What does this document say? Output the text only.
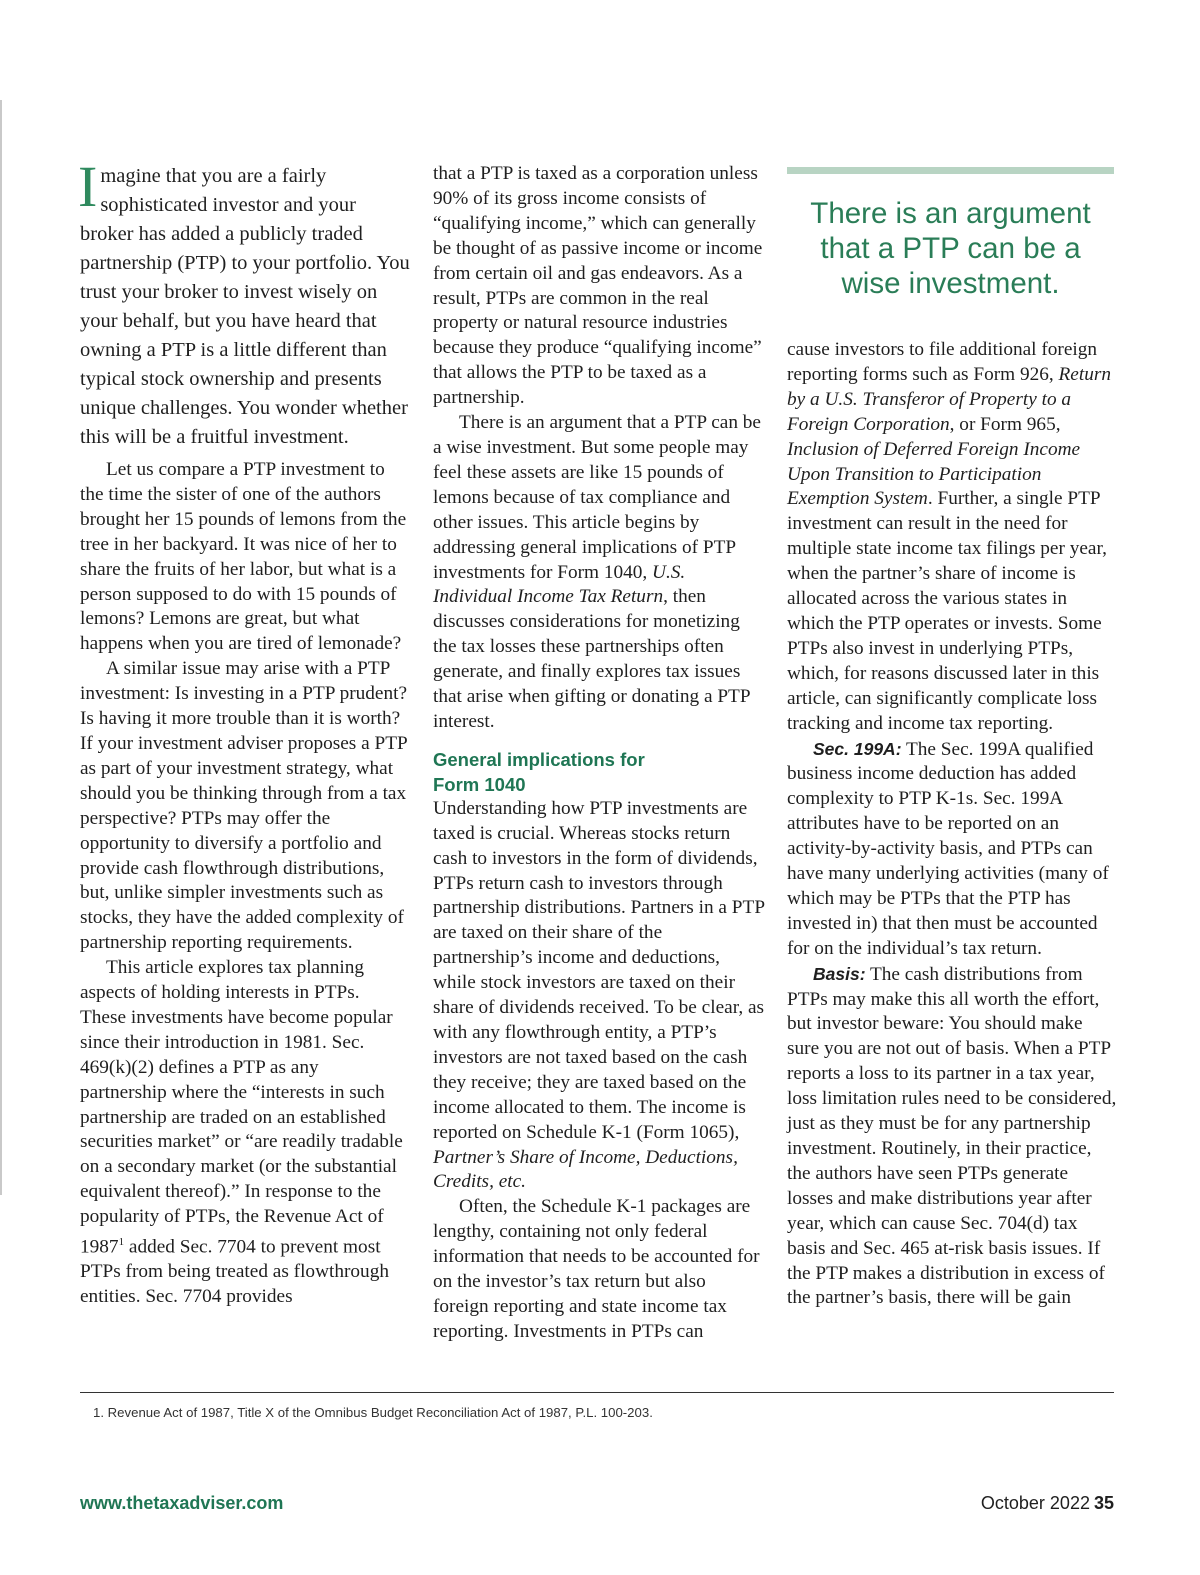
Imagine that you are a fairly sophisticated investor and your broker has added a publicly traded partnership (PTP) to your portfolio. You trust your broker to invest wisely on your behalf, but you have heard that owning a PTP is a little different than typical stock ownership and presents unique challenges. You wonder whether this will be a fruitful investment.

Let us compare a PTP investment to the time the sister of one of the authors brought her 15 pounds of lemons from the tree in her backyard. It was nice of her to share the fruits of her labor, but what is a person supposed to do with 15 pounds of lemons? Lemons are great, but what happens when you are tired of lemonade?

A similar issue may arise with a PTP investment: Is investing in a PTP prudent? Is having it more trouble than it is worth? If your investment adviser proposes a PTP as part of your investment strategy, what should you be thinking through from a tax perspective? PTPs may offer the opportunity to diversify a portfolio and provide cash flowthrough distributions, but, unlike simpler investments such as stocks, they have the added complexity of partnership reporting requirements.

This article explores tax planning aspects of holding interests in PTPs. These investments have become popular since their introduction in 1981. Sec. 469(k)(2) defines a PTP as any partnership where the “interests in such partnership are traded on an established securities market” or “are readily tradable on a secondary market (or the substantial equivalent thereof).” In response to the popularity of PTPs, the Revenue Act of 1987$^1$ added Sec. 7704 to prevent most PTPs from being treated as flowthrough entities. Sec. 7704 provides

that a PTP is taxed as a corporation unless 90% of its gross income consists of “qualifying income,” which can generally be thought of as passive income or income from certain oil and gas endeavors. As a result, PTPs are common in the real property or natural resource industries because they produce “qualifying income” that allows the PTP to be taxed as a partnership.

There is an argument that a PTP can be a wise investment. But some people may feel these assets are like 15 pounds of lemons because of tax compliance and other issues. This article begins by addressing general implications of PTP investments for Form 1040, U.S. Individual Income Tax Return, then discusses considerations for monetizing the tax losses these partnerships often generate, and finally explores tax issues that arise when gifting or donating a PTP interest.

General implications for
Form 1040

Understanding how PTP investments are taxed is crucial. Whereas stocks return cash to investors in the form of dividends, PTPs return cash to investors through partnership distributions. Partners in a PTP are taxed on their share of the partnership’s income and deductions, while stock investors are taxed on their share of dividends received. To be clear, as with any flowthrough entity, a PTP’s investors are not taxed based on the cash they receive; they are taxed based on the income allocated to them. The income is reported on Schedule K-1 (Form 1065), Partner’s Share of Income, Deductions, Credits, etc.

Often, the Schedule K-1 packages are lengthy, containing not only federal information that needs to be accounted for on the investor’s tax return but also foreign reporting and state income tax reporting. Investments in PTPs can

There is an argument that a PTP can be a wise investment.

cause investors to file additional foreign reporting forms such as Form 926, Return by a U.S. Transferor of Property to a Foreign Corporation, or Form 965, Inclusion of Deferred Foreign Income Upon Transition to Participation Exemption System. Further, a single PTP investment can result in the need for multiple state income tax filings per year, when the partner’s share of income is allocated across the various states in which the PTP operates or invests. Some PTPs also invest in underlying PTPs, which, for reasons discussed later in this article, can significantly complicate loss tracking and income tax reporting.

Sec. 199A: The Sec. 199A qualified business income deduction has added complexity to PTP K-1s. Sec. 199A attributes have to be reported on an activity-by-activity basis, and PTPs can have many underlying activities (many of which may be PTPs that the PTP has invested in) that then must be accounted for on the individual’s tax return.

Basis: The cash distributions from PTPs may make this all worth the effort, but investor beware: You should make sure you are not out of basis. When a PTP reports a loss to its partner in a tax year, loss limitation rules need to be considered, just as they must be for any partnership investment. Routinely, in their practice, the authors have seen PTPs generate losses and make distributions year after year, which can cause Sec. 704(d) tax basis and Sec. 465 at-risk basis issues. If the PTP makes a distribution in excess of the partner’s basis, there will be gain

1. Revenue Act of 1987, Title X of the Omnibus Budget Reconciliation Act of 1987, P.L. 100-203.
www.thetaxadviser.com	October 2022 35
